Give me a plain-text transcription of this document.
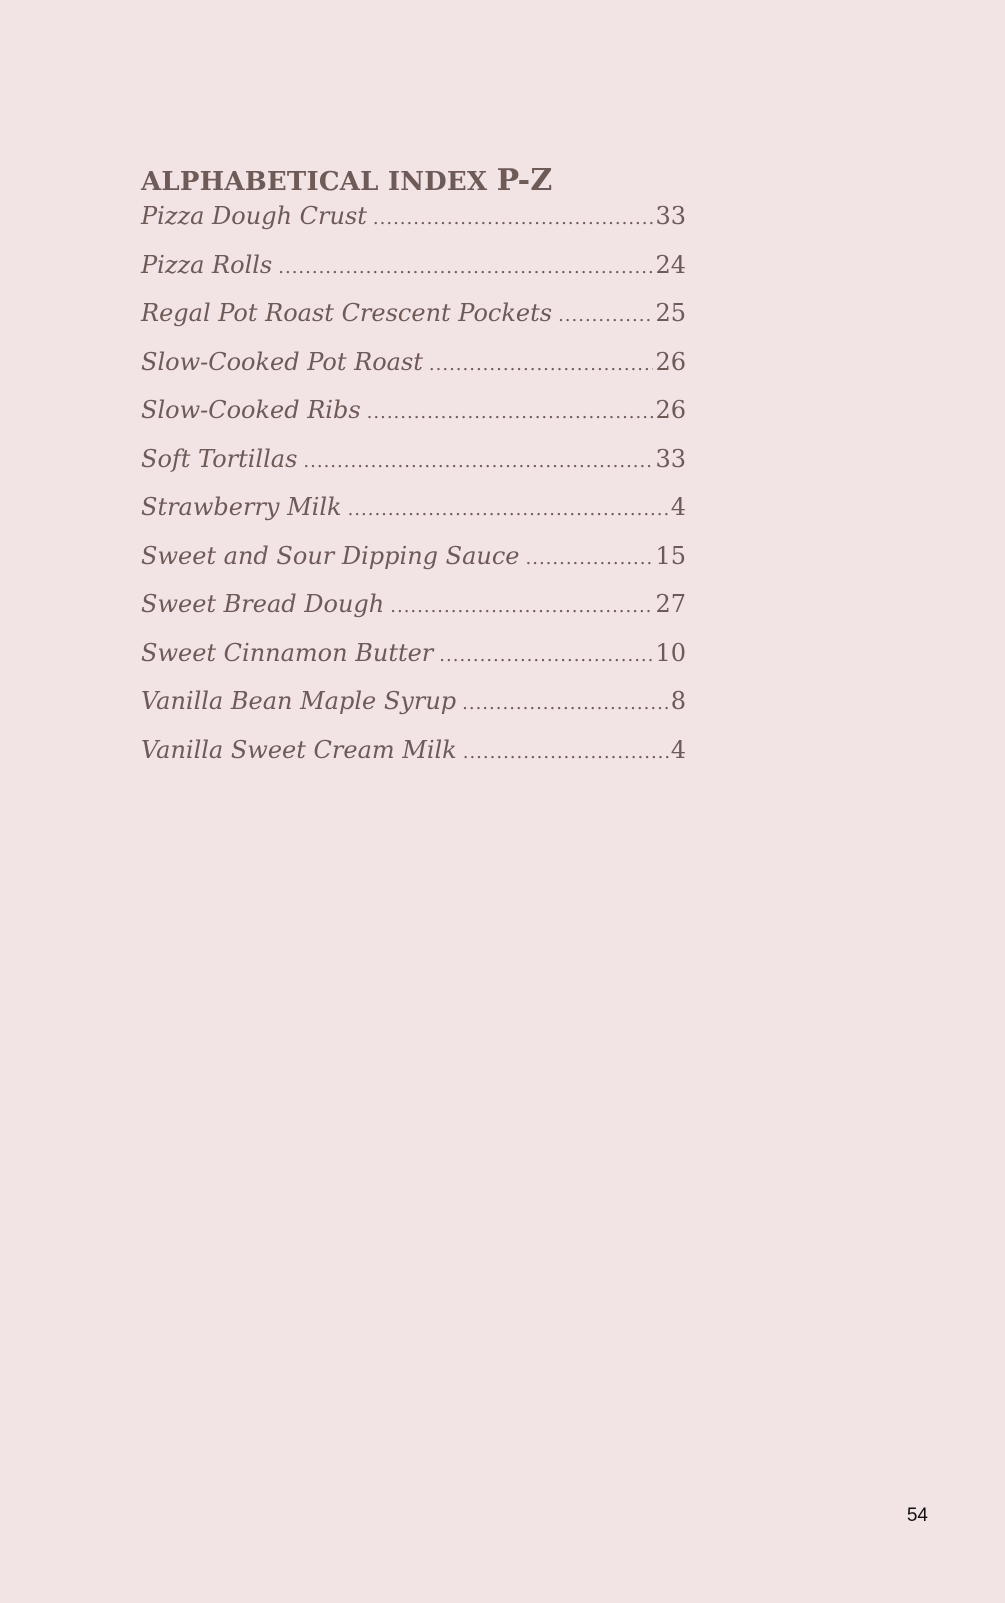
ALPHABETICAL INDEX P-Z
Pizza Dough Crust .....	33
Pizza Rolls .....	24
Regal Pot Roast Crescent Pockets .....	25
Slow-Cooked Pot Roast .....	26
Slow-Cooked Ribs .....	26
Soft Tortillas .....	33
Strawberry Milk .....	4
Sweet and Sour Dipping Sauce .....	15
Sweet Bread Dough .....	27
Sweet Cinnamon Butter .....	10
Vanilla Bean Maple Syrup .....	8
Vanilla Sweet Cream Milk .....	4
54
